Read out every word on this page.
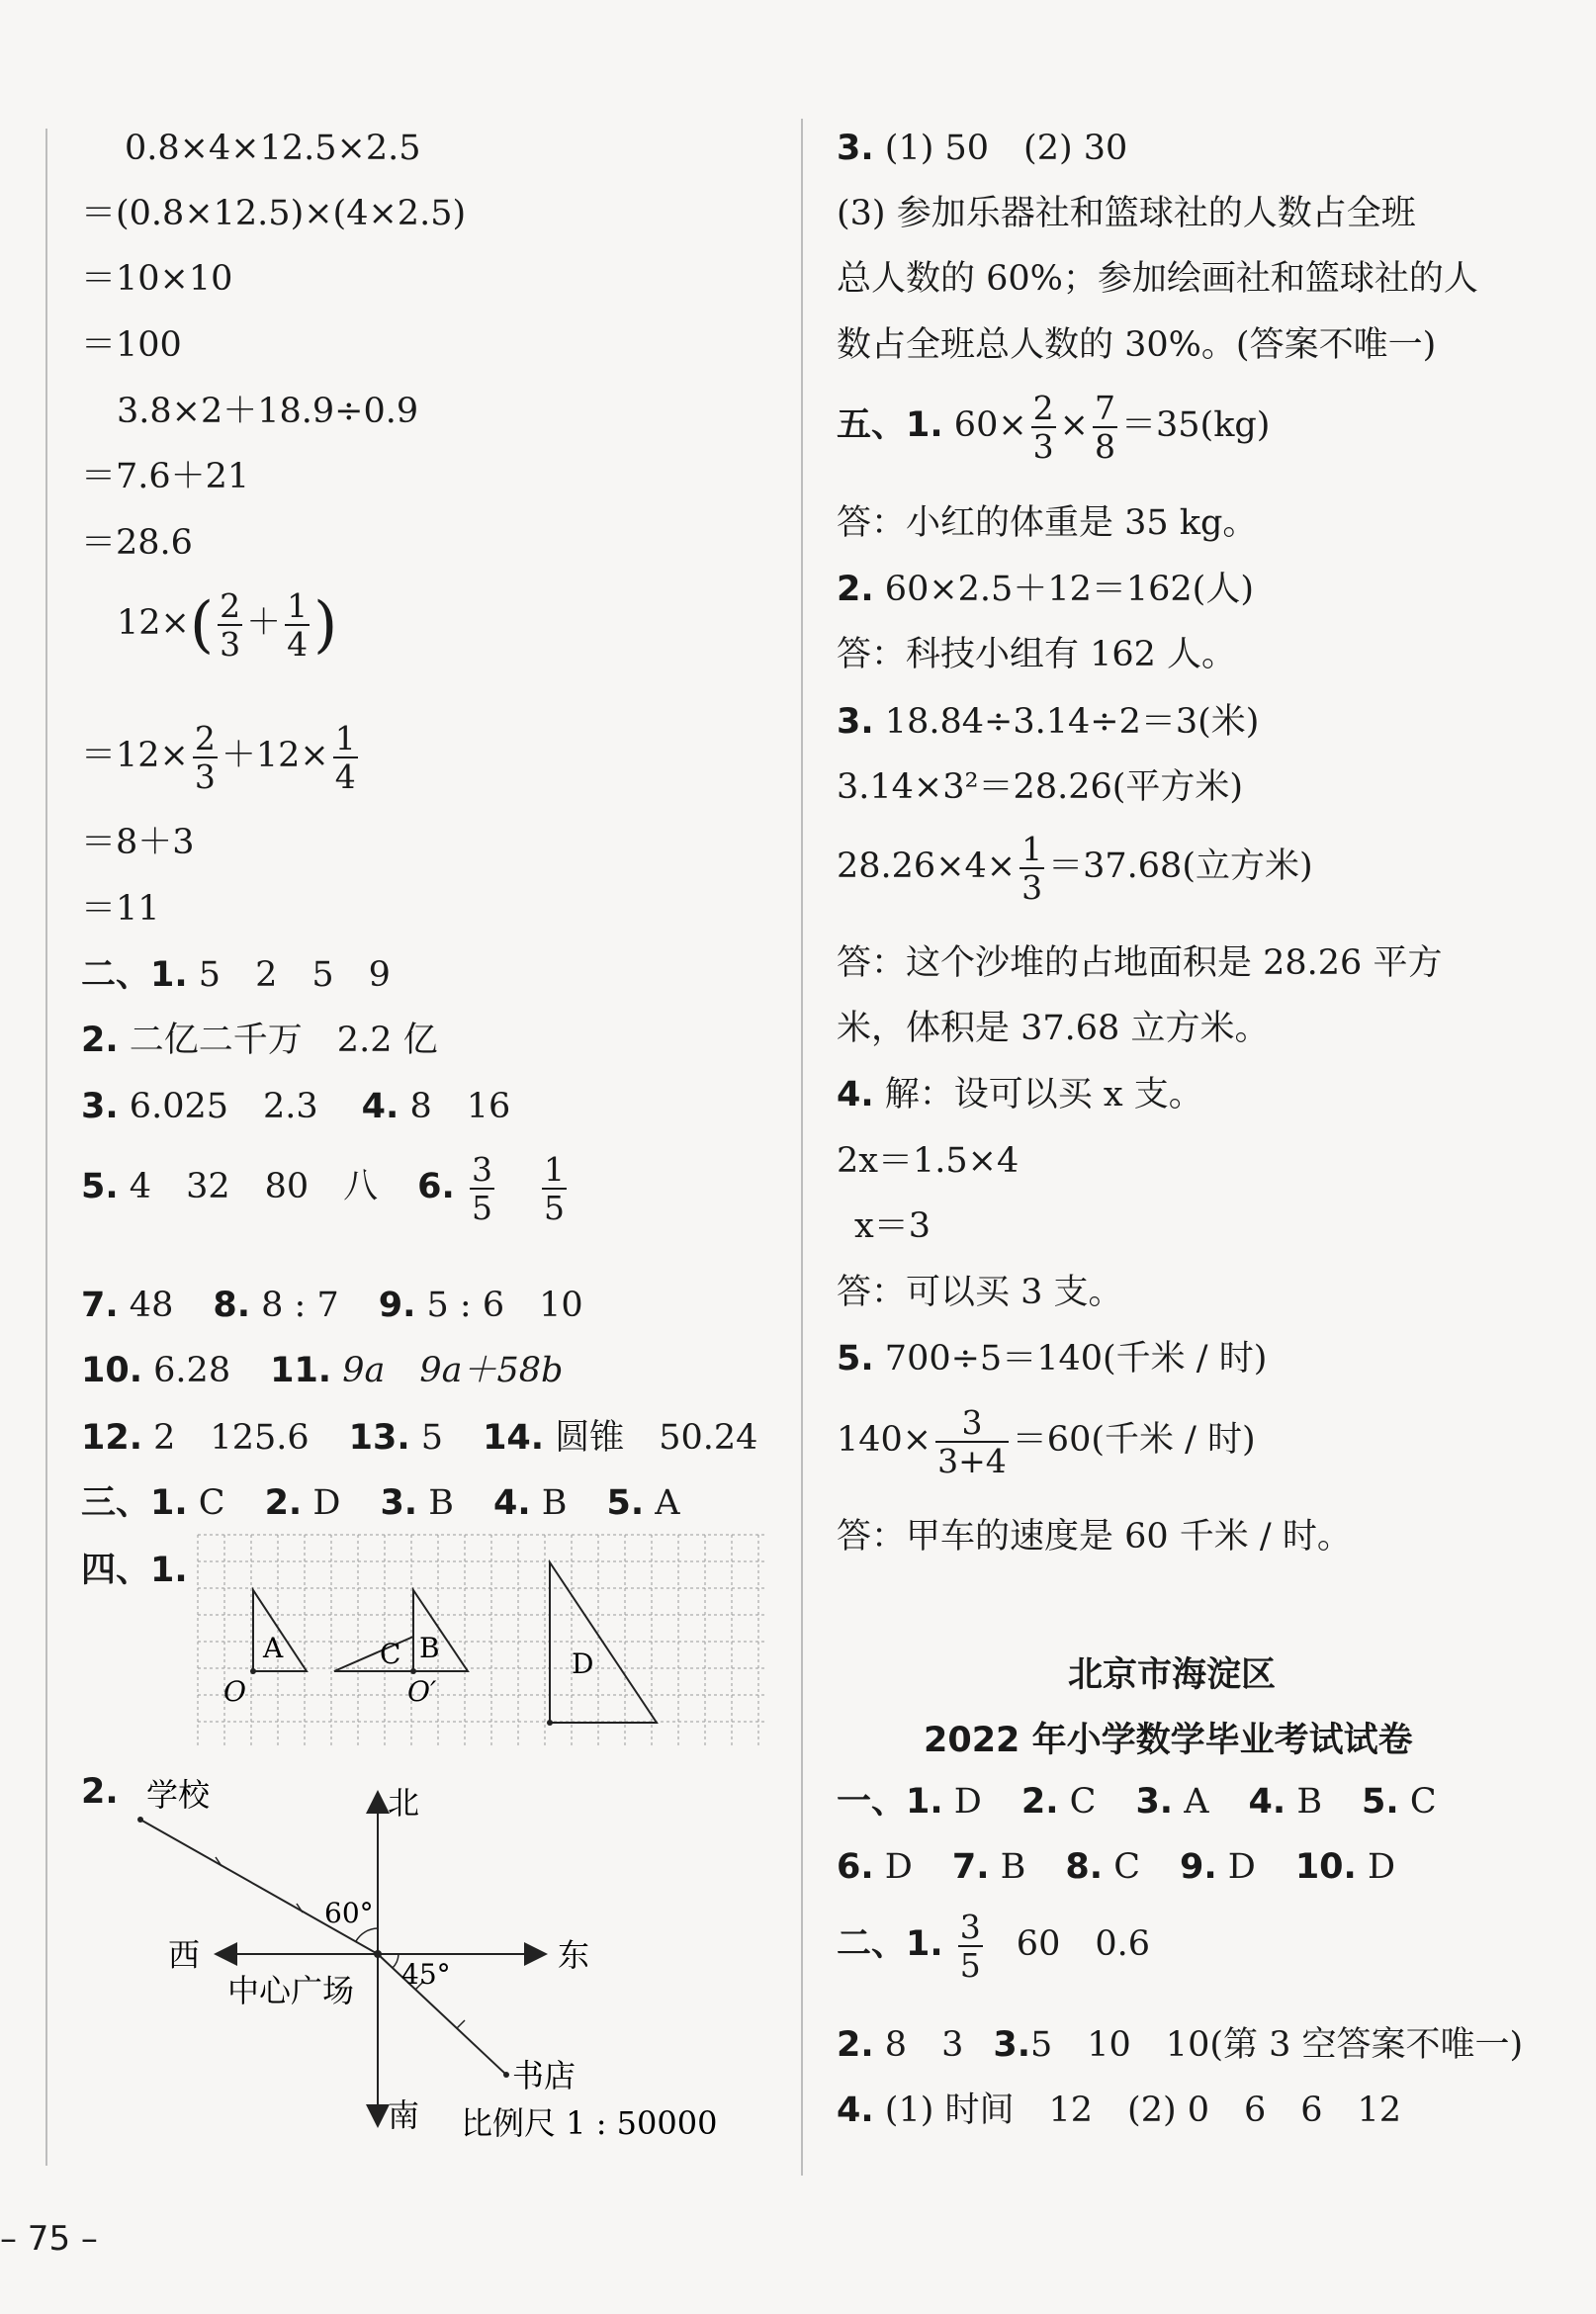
0.8×4×12.5×2.5
＝(0.8×12.5)×(4×2.5)
＝10×10
＝100
3.8×2＋18.9÷0.9
＝7.6＋21
＝28.6
$12\times( \frac{2}{3} + \frac{1}{4}$ )
$=12\times \frac{2}{3} +12\times \frac{1}{4}$
＝8＋3
＝11
二、1. 5　2　5　9
2. 二亿二千万　2.2 亿
3. 6.025　2.3 4. 8　16
5. 4　32　80　八 6. $\frac{3}{5} \frac{1}{5}$
7. 48 8. 8 : 7 9. 5 : 6　10
10. 6.28 11. 9a　9a＋58b
12. 2　125.6 13. 5 14. 圆锥　50.24
三、1. C 2. D 3. B 4. B 5. A
四、1.
A	B
C	D
O	O′
2. 学校	北
南
西	东
中心广场
书店
60°
45°
比例尺 1 : 50000
3. (1) 50　(2) 30
(3) 参加乐器社和篮球社的人数占全班
总人数的 60%；参加绘画社和篮球社的人
数占全班总人数的 30%。(答案不唯一)
五、1. $60\times \frac{2}{3} \times \frac{7}{8} =35(kg)$
答：小红的体重是 35 kg。
2. 60×2.5＋12＝162(人)
答：科技小组有 162 人。
3. 18.84÷3.14÷2＝3(米)
3.14×3²＝28.26(平方米)
$28.26\times 4\times \frac{1}{3} =37.68$(立方米)
答：这个沙堆的占地面积是 28.26 平方
米，体积是 37.68 立方米。
4. 解：设可以买 x 支。
2x＝1.5×4
x＝3
答：可以买 3 支。
5. 700÷5＝140(千米 / 时)
$140\times \frac{3}{3+4} =60$(千米 / 时)
答：甲车的速度是 60 千米 / 时。
北京市海淀区
2022 年小学数学毕业考试试卷
一、1. D 2. C 3. A 4. B 5. C
6. D 7. B 8. C 9. D 10. D
二、1. $\frac{3}{5} 60$　0.6
2. 8　3 3.5　10　10(第 3 空答案不唯一)
4. (1) 时间　12　(2) 0　6　6　12
– 75 –
